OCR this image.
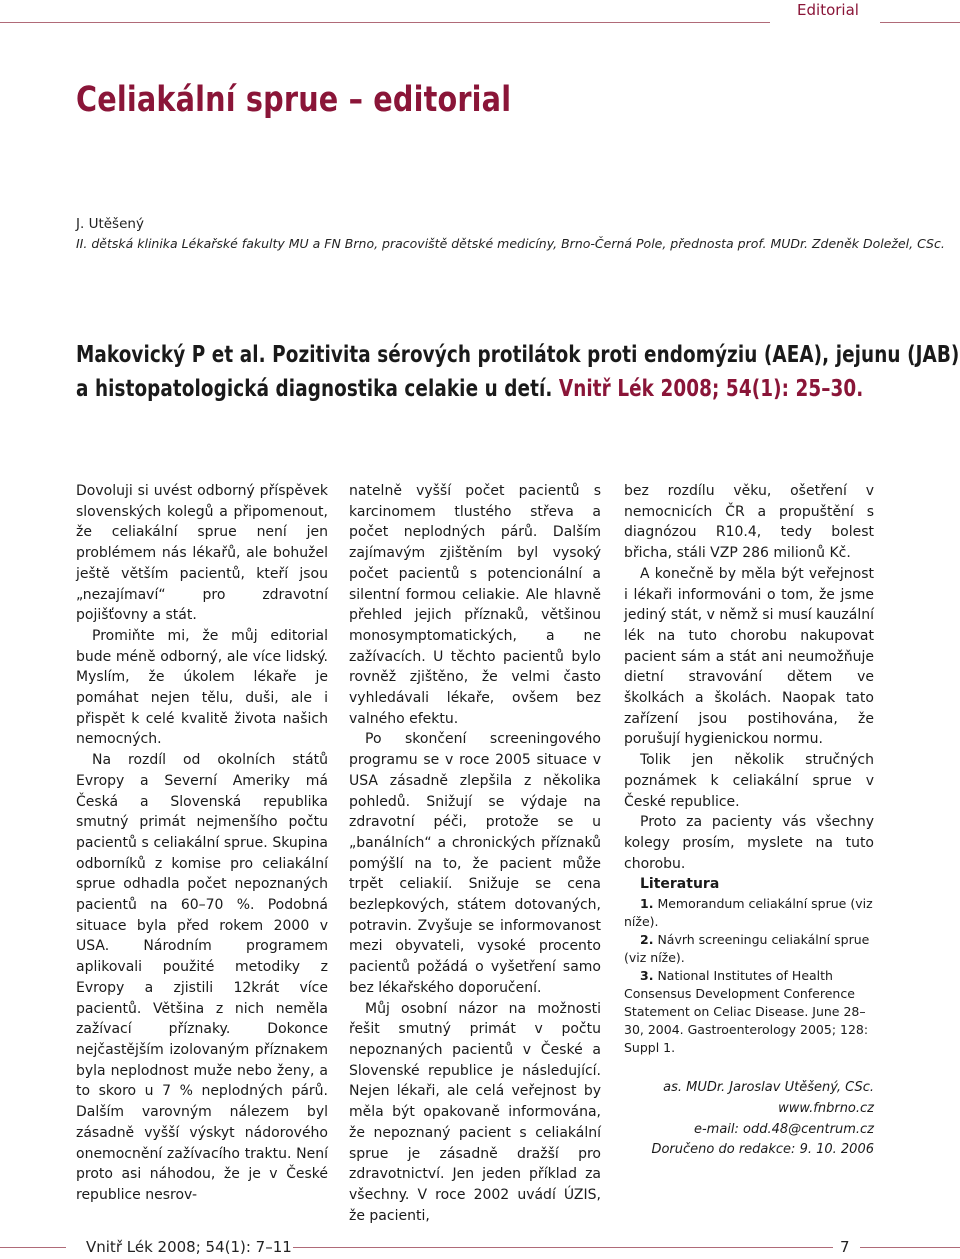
Editorial
Celiakální sprue – editorial
J. Utěšený
II. dětská klinika Lékařské fakulty MU a FN Brno, pracoviště dětské medicíny, Brno-Černá Pole, přednosta prof. MUDr. Zdeněk Doležel, CSc.
Makovický P et al. Pozitivita sérových protilátok proti endomýziu (AEA), jejunu (JAB)
a histopatologická diagnostika celakie u detí. Vnitř Lék 2008; 54(1): 25–30.

Dovoluji si uvést odborný příspěvek slovenských kolegů a připomenout, že celiakální sprue není jen problémem nás lékařů, ale bohužel ještě větším pacientů, kteří jsou „nezajímaví“ pro zdravotní pojišťovny a stát.

Promiňte mi, že můj editorial bude méně odborný, ale více lidský. Myslím, že úkolem lékaře je pomáhat nejen tělu, duši, ale i přispět k celé kvalitě života našich nemocných.

Na rozdíl od okolních států Evropy a Severní Ameriky má Česká a Slovenská republika smutný primát nejmenšího počtu pacientů s celiakální sprue. Skupina odborníků z komise pro celiakální sprue odhadla počet nepoznaných pacientů na 60–70 %. Podobná situace byla před rokem 2000 v USA. Národním programem aplikovali použité metodiky z Evropy a zjistili 12krát více pacientů. Většina z nich neměla zažívací příznaky. Dokonce nejčastějším izolovaným příznakem byla neplodnost muže nebo ženy, a to skoro u 7 % neplodných párů. Dalším varovným nálezem byl zásadně vyšší výskyt nádorového onemocnění zažívacího traktu. Není proto asi náhodou, že je v České republice nesrov-

natelně vyšší počet pacientů s karcinomem tlustého střeva a počet neplodných párů. Dalším zajímavým zjištěním byl vysoký počet pacientů s potencionální a silentní formou celiakie. Ale hlavně přehled jejich příznaků, většinou monosymptomatických, a ne zažívacích. U těchto pacientů bylo rovněž zjištěno, že velmi často vyhledávali lékaře, ovšem bez valného efektu.

Po skončení screeningového programu se v roce 2005 situace v USA zásadně zlepšila z několika pohledů. Snižují se výdaje na zdravotní péči, protože se u „banálních“ a chronických příznaků pomýšlí na to, že pacient může trpět celiakií. Snižuje se cena bezlepkových, státem dotovaných, potravin. Zvyšuje se informovanost mezi obyvateli, vysoké procento pacientů požádá o vyšetření samo bez lékařského doporučení.

Můj osobní názor na možnosti řešit smutný primát v počtu nepoznaných pacientů v České a Slovenské republice je následující. Nejen lékaři, ale celá veřejnost by měla být opakovaně informována, že nepoznaný pacient s celiakální sprue je zásadně dražší pro zdravotnictví. Jen jeden příklad za všechny. V roce 2002 uvádí ÚZIS, že pacienti,

bez rozdílu věku, ošetření v nemocnicích ČR a propuštění s diagnózou R10.4, tedy bolest břicha, stáli VZP 286 milionů Kč.

A konečně by měla být veřejnost i lékaři informováni o tom, že jsme jediný stát, v němž si musí kauzální lék na tuto chorobu nakupovat pacient sám a stát ani neumožňuje dietní stravování dětem ve školkách a školách. Naopak tato zařízení jsou postihována, že porušují hygienickou normu.

Tolik jen několik stručných poznámek k celiakální sprue v České republice.

Proto za pacienty vás všechny kolegy prosím, myslete na tuto chorobu.

Literatura

1. Memorandum celiakální sprue (viz níže).

2. Návrh screeningu celiakální sprue (viz níže).

3. National Institutes of Health Consensus Development Conference Statement on Celiac Disease. June 28–30, 2004. Gastroenterology 2005; 128: Suppl 1.

as. MUDr. Jaroslav Utěšený, CSc.

www.fnbrno.cz

e-mail: odd.48@centrum.cz

Doručeno do redakce: 9. 10. 2006

Vnitř Lék 2008; 54(1): 7–11	7
